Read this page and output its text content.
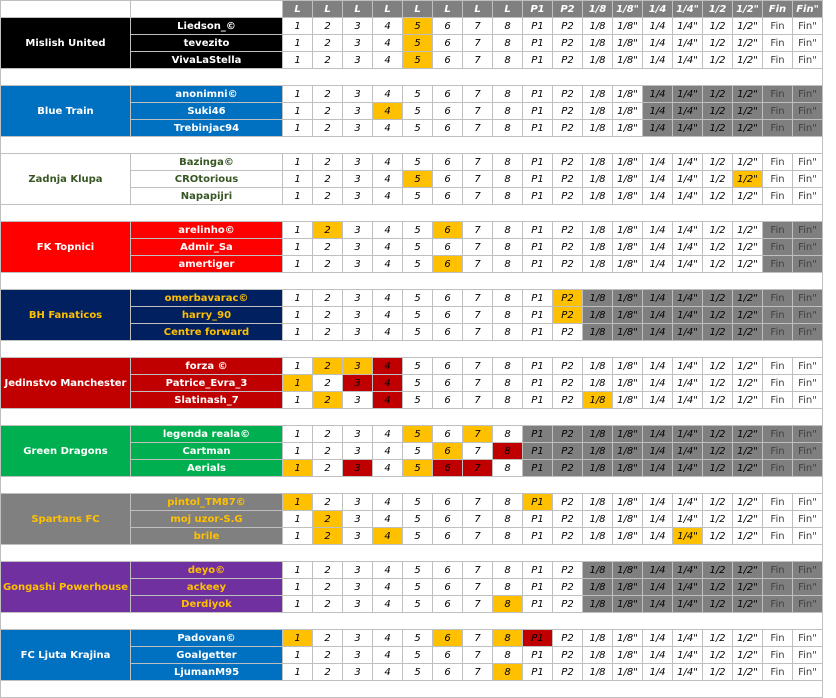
		L	L	L	L	L	L	L	L	P1	P2	1/8	1/8"	1/4	1/4"	1/2	1/2"	Fin	Fin"
Mislish United	Liedson_©	1	2	3	4	5	6	7	8	P1	P2	1/8	1/8"	1/4	1/4"	1/2	1/2"	Fin	Fin"
	tevezito	1	2	3	4	5	6	7	8	P1	P2	1/8	1/8"	1/4	1/4"	1/2	1/2"	Fin	Fin"
	VivaLaStella	1	2	3	4	5	6	7	8	P1	P2	1/8	1/8"	1/4	1/4"	1/2	1/2"	Fin	Fin"

Blue Train	anonimni©	1	2	3	4	5	6	7	8	P1	P2	1/8	1/8"	1/4	1/4"	1/2	1/2"	Fin	Fin"
	Suki46	1	2	3	4	5	6	7	8	P1	P2	1/8	1/8"	1/4	1/4"	1/2	1/2"	Fin	Fin"
	Trebinjac94	1	2	3	4	5	6	7	8	P1	P2	1/8	1/8"	1/4	1/4"	1/2	1/2"	Fin	Fin"

Zadnja Klupa	Bazinga©	1	2	3	4	5	6	7	8	P1	P2	1/8	1/8"	1/4	1/4"	1/2	1/2"	Fin	Fin"
	CROtorious	1	2	3	4	5	6	7	8	P1	P2	1/8	1/8"	1/4	1/4"	1/2	1/2"	Fin	Fin"
	Napapijri	1	2	3	4	5	6	7	8	P1	P2	1/8	1/8"	1/4	1/4"	1/2	1/2"	Fin	Fin"

FK Topnici	arelinho©	1	2	3	4	5	6	7	8	P1	P2	1/8	1/8"	1/4	1/4"	1/2	1/2"	Fin	Fin"
	Admir_Sa	1	2	3	4	5	6	7	8	P1	P2	1/8	1/8"	1/4	1/4"	1/2	1/2"	Fin	Fin"
	amertiger	1	2	3	4	5	6	7	8	P1	P2	1/8	1/8"	1/4	1/4"	1/2	1/2"	Fin	Fin"

BH Fanaticos	omerbavarac©	1	2	3	4	5	6	7	8	P1	P2	1/8	1/8"	1/4	1/4"	1/2	1/2"	Fin	Fin"
	harry_90	1	2	3	4	5	6	7	8	P1	P2	1/8	1/8"	1/4	1/4"	1/2	1/2"	Fin	Fin"
	Centre forward	1	2	3	4	5	6	7	8	P1	P2	1/8	1/8"	1/4	1/4"	1/2	1/2"	Fin	Fin"

Jedinstvo Manchester	forza ©	1	2	3	4	5	6	7	8	P1	P2	1/8	1/8"	1/4	1/4"	1/2	1/2"	Fin	Fin"
	Patrice_Evra_3	1	2	3	4	5	6	7	8	P1	P2	1/8	1/8"	1/4	1/4"	1/2	1/2"	Fin	Fin"
	Slatinash_7	1	2	3	4	5	6	7	8	P1	P2	1/8	1/8"	1/4	1/4"	1/2	1/2"	Fin	Fin"

Green Dragons	legenda reala©	1	2	3	4	5	6	7	8	P1	P2	1/8	1/8"	1/4	1/4"	1/2	1/2"	Fin	Fin"
	Cartman	1	2	3	4	5	6	7	8	P1	P2	1/8	1/8"	1/4	1/4"	1/2	1/2"	Fin	Fin"
	Aerials	1	2	3	4	5	6	7	8	P1	P2	1/8	1/8"	1/4	1/4"	1/2	1/2"	Fin	Fin"

Spartans FC	pintol_TM87©	1	2	3	4	5	6	7	8	P1	P2	1/8	1/8"	1/4	1/4"	1/2	1/2"	Fin	Fin"
	moj uzor-S.G	1	2	3	4	5	6	7	8	P1	P2	1/8	1/8"	1/4	1/4"	1/2	1/2"	Fin	Fin"
	brile	1	2	3	4	5	6	7	8	P1	P2	1/8	1/8"	1/4	1/4"	1/2	1/2"	Fin	Fin"

Gongashi Powerhouse	deyo©	1	2	3	4	5	6	7	8	P1	P2	1/8	1/8"	1/4	1/4"	1/2	1/2"	Fin	Fin"
	ackeey	1	2	3	4	5	6	7	8	P1	P2	1/8	1/8"	1/4	1/4"	1/2	1/2"	Fin	Fin"
	Derdiyok	1	2	3	4	5	6	7	8	P1	P2	1/8	1/8"	1/4	1/4"	1/2	1/2"	Fin	Fin"

FC Ljuta Krajina	Padovan©	1	2	3	4	5	6	7	8	P1	P2	1/8	1/8"	1/4	1/4"	1/2	1/2"	Fin	Fin"
	Goalgetter	1	2	3	4	5	6	7	8	P1	P2	1/8	1/8"	1/4	1/4"	1/2	1/2"	Fin	Fin"
	LjumanM95	1	2	3	4	5	6	7	8	P1	P2	1/8	1/8"	1/4	1/4"	1/2	1/2"	Fin	Fin"
